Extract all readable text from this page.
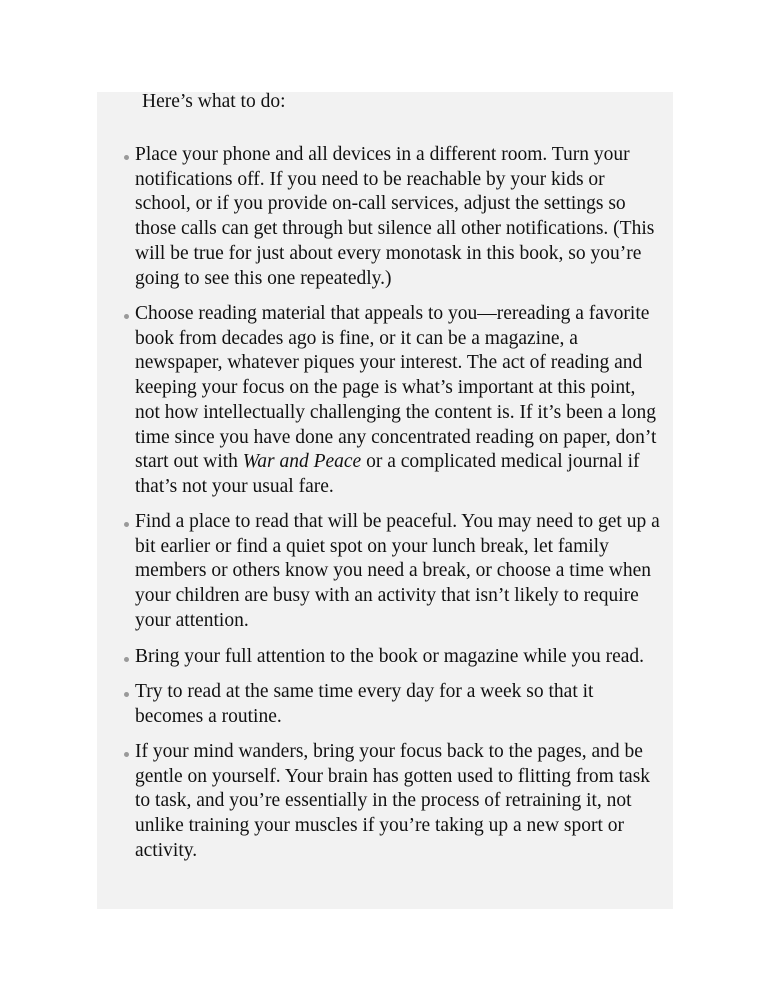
Here’s what to do:

Place your phone and all devices in a different room. Turn your notifications off. If you need to be reachable by your kids or school, or if you provide on-call services, adjust the settings so those calls can get through but silence all other notifications. (This will be true for just about every monotask in this book, so you’re going to see this one repeatedly.)
Choose reading material that appeals to you—rereading a favorite book from decades ago is fine, or it can be a magazine, a newspaper, whatever piques your interest. The act of reading and keeping your focus on the page is what’s important at this point, not how intellectually challenging the content is. If it’s been a long time since you have done any concentrated reading on paper, don’t start out with War and Peace or a complicated medical journal if that’s not your usual fare.
Find a place to read that will be peaceful. You may need to get up a bit earlier or find a quiet spot on your lunch break, let family members or others know you need a break, or choose a time when your children are busy with an activity that isn’t likely to require your attention.
Bring your full attention to the book or magazine while you read.
Try to read at the same time every day for a week so that it becomes a routine.
If your mind wanders, bring your focus back to the pages, and be gentle on yourself. Your brain has gotten used to flitting from task to task, and you’re essentially in the process of retraining it, not unlike training your muscles if you’re taking up a new sport or activity.
